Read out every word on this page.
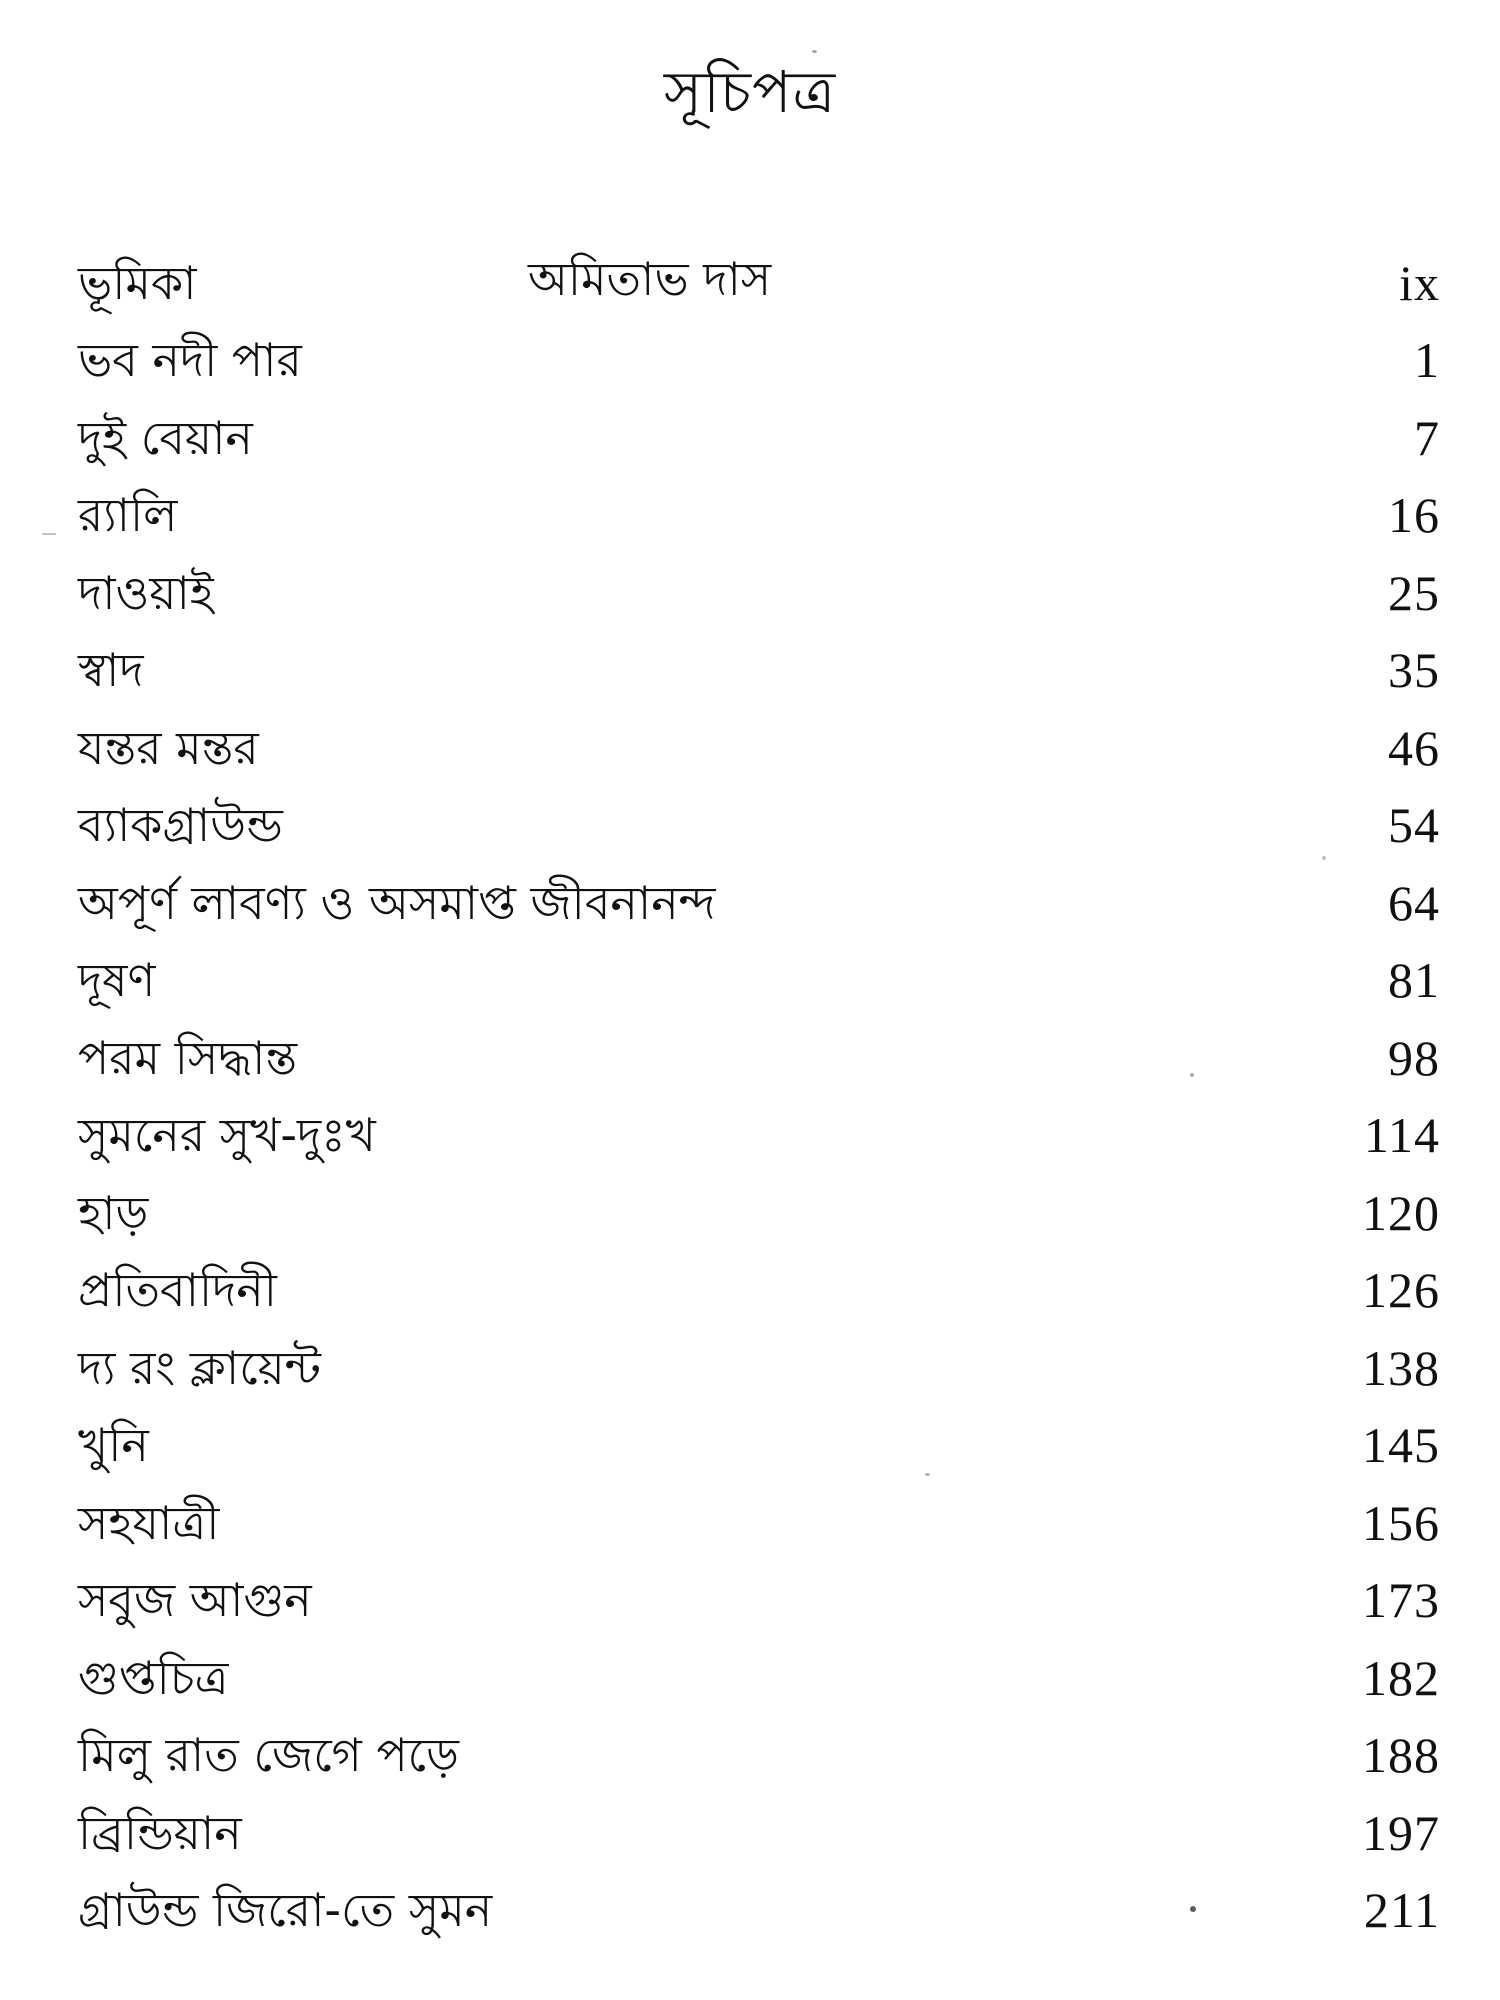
সূচিপত্র
ভূমিকা	অমিতাভ দাস	ix
ভব নদী পার	1
দুই বেয়ান	7
র‌্যালি	16
দাওয়াই	25
স্বাদ	35
যন্তর মন্তর	46
ব্যাকগ্রাউন্ড	54
অপূর্ণ লাবণ্য ও অসমাপ্ত জীবনানন্দ	64
দূষণ	81
পরম সিদ্ধান্ত	98
সুমনের সুখ-দুঃখ	114
হাড়	120
প্রতিবাদিনী	126
দ্য রং ক্লায়েন্ট	138
খুনি	145
সহযাত্রী	156
সবুজ আগুন	173
গুপ্তচিত্র	182
মিলু রাত জেগে পড়ে	188
ব্রিন্ডিয়ান	197
গ্রাউন্ড জিরো-তে সুমন	211
